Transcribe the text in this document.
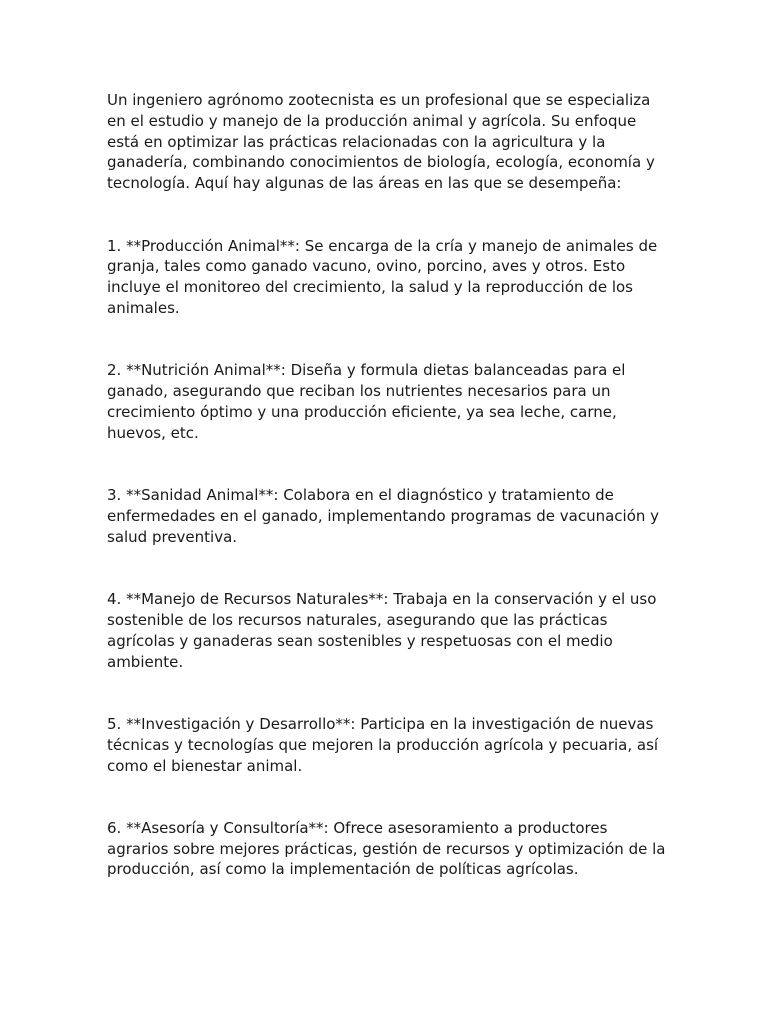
Un ingeniero agrónomo zootecnista es un profesional que se especializa en el estudio y manejo de la producción animal y agrícola. Su enfoque está en optimizar las prácticas relacionadas con la agricultura y la ganadería, combinando conocimientos de biología, ecología, economía y tecnología. Aquí hay algunas de las áreas en las que se desempeña:

1. **Producción Animal**: Se encarga de la cría y manejo de animales de granja, tales como ganado vacuno, ovino, porcino, aves y otros. Esto incluye el monitoreo del crecimiento, la salud y la reproducción de los animales.

2. **Nutrición Animal**: Diseña y formula dietas balanceadas para el ganado, asegurando que reciban los nutrientes necesarios para un crecimiento óptimo y una producción eficiente, ya sea leche, carne, huevos, etc.

3. **Sanidad Animal**: Colabora en el diagnóstico y tratamiento de enfermedades en el ganado, implementando programas de vacunación y salud preventiva.

4. **Manejo de Recursos Naturales**: Trabaja en la conservación y el uso sostenible de los recursos naturales, asegurando que las prácticas agrícolas y ganaderas sean sostenibles y respetuosas con el medio ambiente.

5. **Investigación y Desarrollo**: Participa en la investigación de nuevas técnicas y tecnologías que mejoren la producción agrícola y pecuaria, así como el bienestar animal.

6. **Asesoría y Consultoría**: Ofrece asesoramiento a productores agrarios sobre mejores prácticas, gestión de recursos y optimización de la producción, así como la implementación de políticas agrícolas.
